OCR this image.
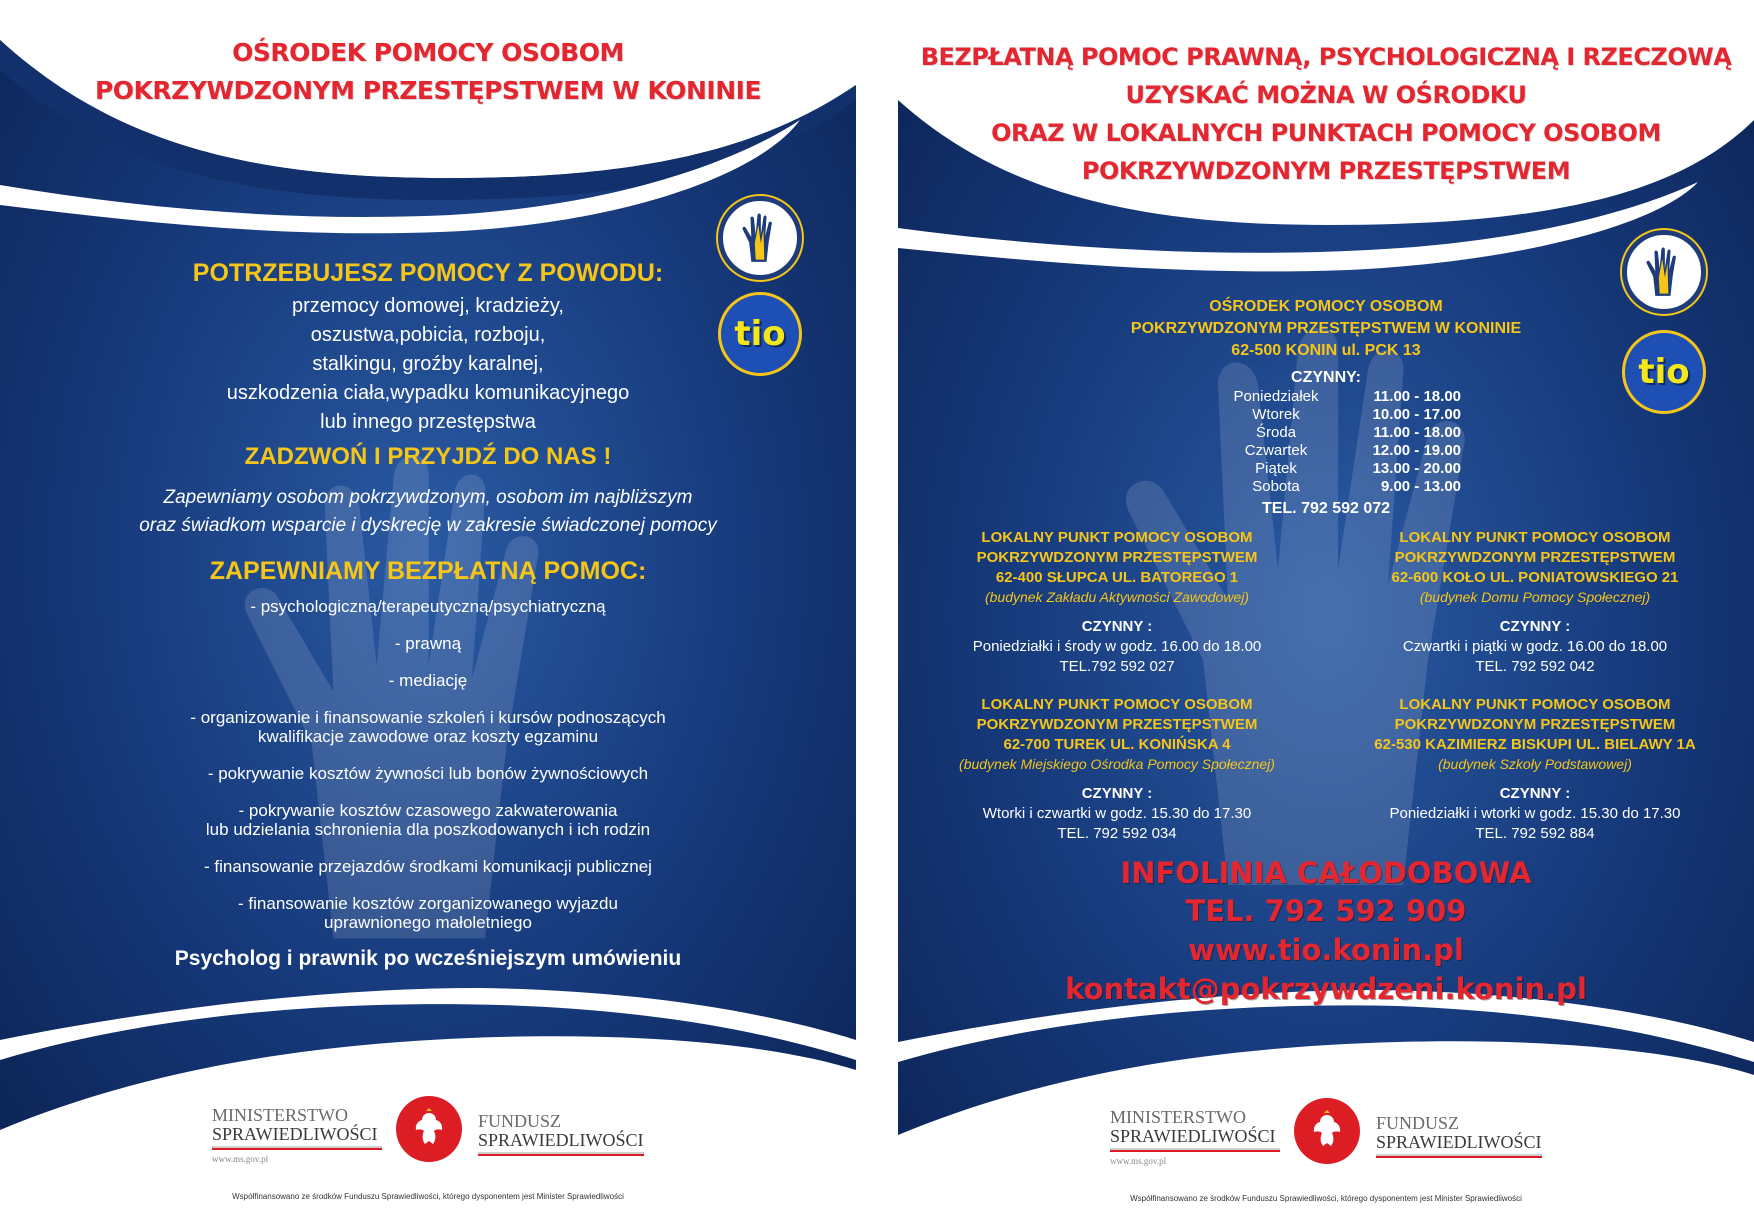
OŚRODEK POMOCY OSOBOM
POKRZYWDZONYM PRZESTĘPSTWEM W KONINIE
tio
POTRZEBUJESZ POMOCY Z POWODU:
przemocy domowej, kradzieży,
oszustwa,pobicia, rozboju,
stalkingu, groźby karalnej,
uszkodzenia ciała,wypadku komunikacyjnego
lub innego przestępstwa
ZADZWOŃ I PRZYJDŹ DO NAS !
Zapewniamy osobom pokrzywdzonym, osobom im najbliższym
oraz świadkom wsparcie i dyskrecję w zakresie świadczonej pomocy
ZAPEWNIAMY BEZPŁATNĄ POMOC:
- psychologiczną/terapeutyczną/psychiatryczną
- prawną
- mediację
- organizowanie i finansowanie szkoleń i kursów podnoszących
kwalifikacje zawodowe oraz koszty egzaminu
- pokrywanie kosztów żywności lub bonów żywnościowych
- pokrywanie kosztów czasowego zakwaterowania
lub udzielania schronienia dla poszkodowanych i ich rodzin
- finansowanie przejazdów środkami komunikacji publicznej
- finansowanie kosztów zorganizowanego wyjazdu
uprawnionego małoletniego
Psycholog i prawnik po wcześniejszym umówieniu
MINISTERSTWO
SPRAWIEDLIWOŚCI
www.ms.gov.pl
FUNDUSZ
SPRAWIEDLIWOŚCI
Współfinansowano ze środków Funduszu Sprawiedliwości, którego dysponentem jest Minister Sprawiedliwości
BEZPŁATNĄ POMOC PRAWNĄ, PSYCHOLOGICZNĄ I RZECZOWĄ
UZYSKAĆ MOŻNA W OŚRODKU
ORAZ W LOKALNYCH PUNKTACH POMOCY OSOBOM
POKRZYWDZONYM PRZESTĘPSTWEM
tio
OŚRODEK POMOCY OSOBOM
POKRZYWDZONYM PRZESTĘPSTWEM W KONINIE
62-500 KONIN ul. PCK 13
CZYNNY:
Poniedziałek	11.00 - 18.00
Wtorek	10.00 - 17.00
Środa	11.00 - 18.00
Czwartek	12.00 - 19.00
Piątek	13.00 - 20.00
Sobota	9.00 - 13.00
TEL. 792 592 072
LOKALNY PUNKT POMOCY OSOBOM
POKRZYWDZONYM PRZESTĘPSTWEM
62-400 SŁUPCA UL. BATOREGO 1
(budynek Zakładu Aktywności Zawodowej)
CZYNNY :
Poniedziałki i środy w godz. 16.00 do 18.00
TEL.792 592 027
LOKALNY PUNKT POMOCY OSOBOM
POKRZYWDZONYM PRZESTĘPSTWEM
62-600 KOŁO UL. PONIATOWSKIEGO 21
(budynek Domu Pomocy Społecznej)
CZYNNY :
Czwartki i piątki w godz. 16.00 do 18.00
TEL. 792 592 042
LOKALNY PUNKT POMOCY OSOBOM
POKRZYWDZONYM PRZESTĘPSTWEM
62-700 TUREK UL. KONIŃSKA 4
(budynek Miejskiego Ośrodka Pomocy Społecznej)
CZYNNY :
Wtorki i czwartki w godz. 15.30 do 17.30
TEL. 792 592 034
LOKALNY PUNKT POMOCY OSOBOM
POKRZYWDZONYM PRZESTĘPSTWEM
62-530 KAZIMIERZ BISKUPI UL. BIELAWY 1A
(budynek Szkoły Podstawowej)
CZYNNY :
Poniedziałki i wtorki w godz. 15.30 do 17.30
TEL. 792 592 884
INFOLINIA CAŁODOBOWA
TEL. 792 592 909
www.tio.konin.pl
kontakt@pokrzywdzeni.konin.pl
MINISTERSTWO
SPRAWIEDLIWOŚCI
www.ms.gov.pl
FUNDUSZ
SPRAWIEDLIWOŚCI
Współfinansowano ze środków Funduszu Sprawiedliwości, którego dysponentem jest Minister Sprawiedliwości
